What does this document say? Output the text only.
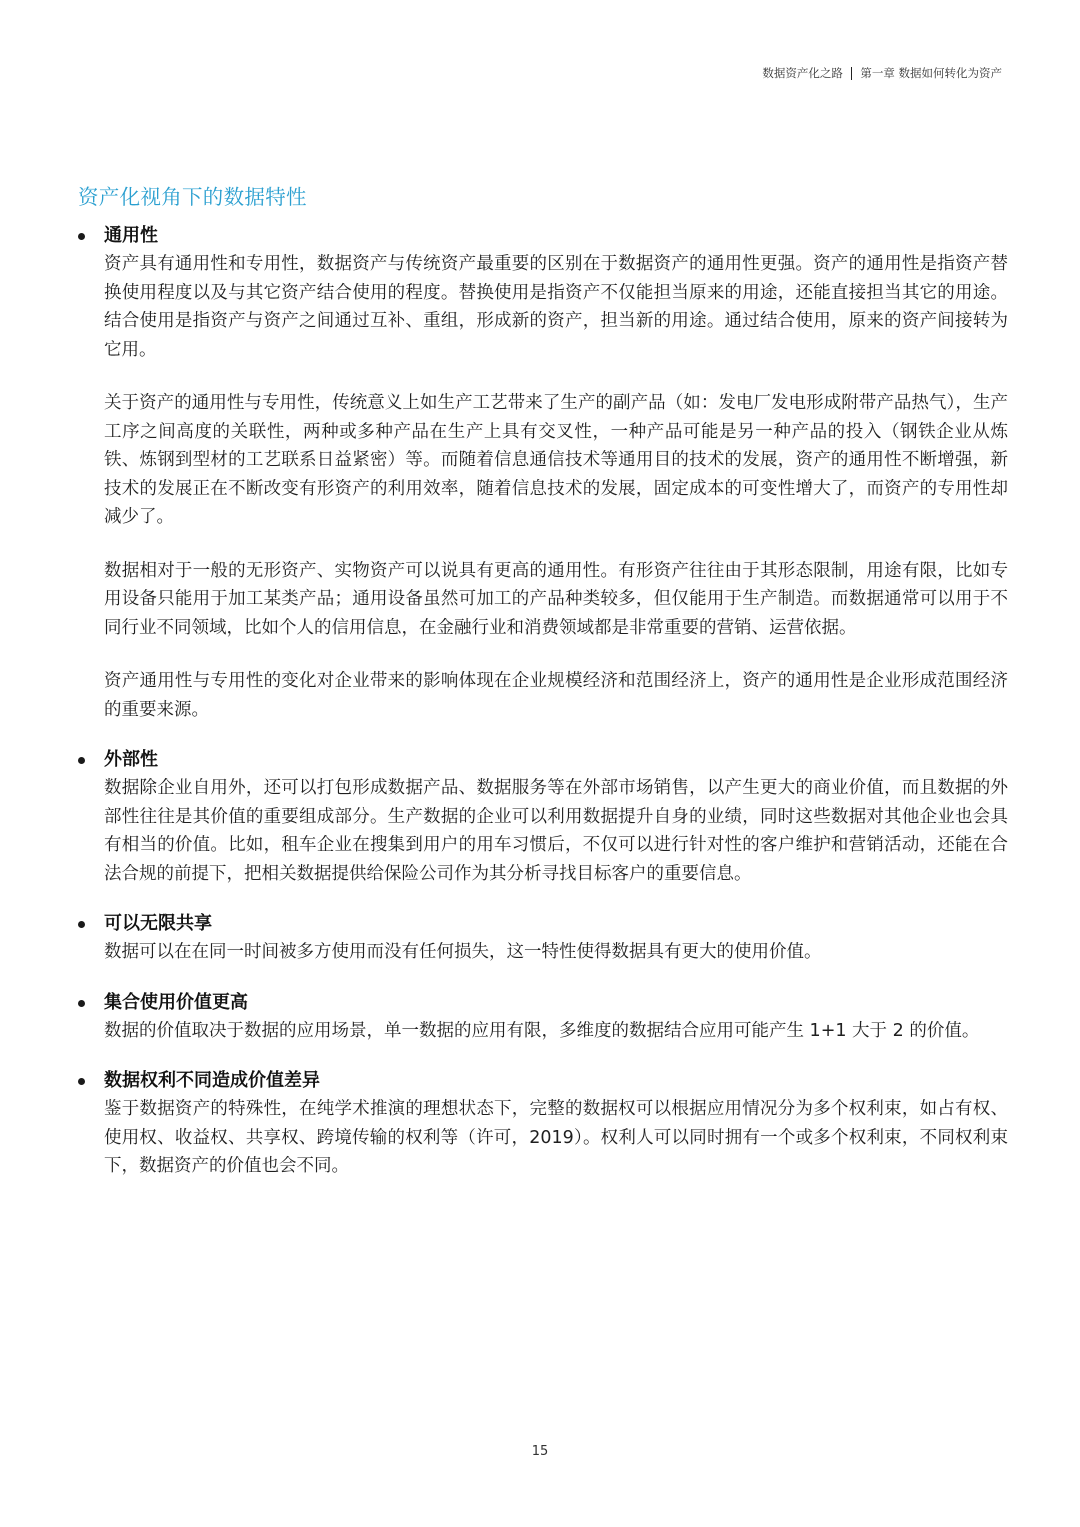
数据资产化之路 第一章 数据如何转化为资产
资产化视角下的数据特性
通用性

资产具有通用性和专用性，数据资产与传统资产最重要的区别在于数据资产的通用性更强。资产的通用性是指资产替换使用程度以及与其它资产结合使用的程度。替换使用是指资产不仅能担当原来的用途，还能直接担当其它的用途。结合使用是指资产与资产之间通过互补、重组，形成新的资产，担当新的用途。通过结合使用，原来的资产间接转为它用。

关于资产的通用性与专用性，传统意义上如生产工艺带来了生产的副产品（如：发电厂发电形成附带产品热气），生产工序之间高度的关联性，两种或多种产品在生产上具有交叉性，一种产品可能是另一种产品的投入（钢铁企业从炼铁、炼钢到型材的工艺联系日益紧密）等。而随着信息通信技术等通用目的技术的发展，资产的通用性不断增强，新技术的发展正在不断改变有形资产的利用效率，随着信息技术的发展，固定成本的可变性增大了，而资产的专用性却减少了。

数据相对于一般的无形资产、实物资产可以说具有更高的通用性。有形资产往往由于其形态限制，用途有限，比如专用设备只能用于加工某类产品；通用设备虽然可加工的产品种类较多，但仅能用于生产制造。而数据通常可以用于不同行业不同领域，比如个人的信用信息，在金融行业和消费领域都是非常重要的营销、运营依据。

资产通用性与专用性的变化对企业带来的影响体现在企业规模经济和范围经济上，资产的通用性是企业形成范围经济的重要来源。

外部性

数据除企业自用外，还可以打包形成数据产品、数据服务等在外部市场销售，以产生更大的商业价值，而且数据的外部性往往是其价值的重要组成部分。生产数据的企业可以利用数据提升自身的业绩，同时这些数据对其他企业也会具有相当的价值。比如，租车企业在搜集到用户的用车习惯后，不仅可以进行针对性的客户维护和营销活动，还能在合法合规的前提下，把相关数据提供给保险公司作为其分析寻找目标客户的重要信息。

可以无限共享

数据可以在在同一时间被多方使用而没有任何损失，这一特性使得数据具有更大的使用价值。

集合使用价值更高

数据的价值取决于数据的应用场景，单一数据的应用有限，多维度的数据结合应用可能产生 1+1 大于 2 的价值。

数据权利不同造成价值差异

鉴于数据资产的特殊性，在纯学术推演的理想状态下，完整的数据权可以根据应用情况分为多个权利束，如占有权、使用权、收益权、共享权、跨境传输的权利等（许可，2019）。权利人可以同时拥有一个或多个权利束，不同权利束下，数据资产的价值也会不同。

15
